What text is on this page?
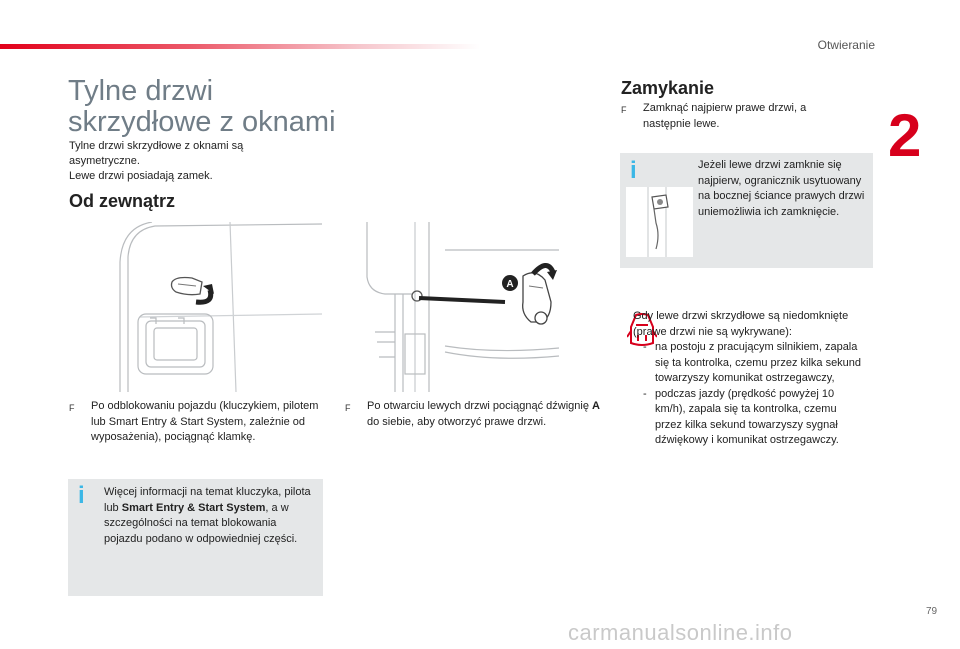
Otwieranie
2
Tylne drzwi
skrzydłowe z oknami
Tylne drzwi skrzydłowe z oknami są asymetryczne.
Lewe drzwi posiadają zamek.
Od zewnątrz
A
F Po odblokowaniu pojazdu (kluczykiem, pilotem lub Smart Entry & Start System, zależnie od wyposażenia), pociągnąć klamkę.
F Po otwarciu lewych drzwi pociągnąć dźwignię A do siebie, aby otworzyć prawe drzwi.
i Więcej informacji na temat kluczyka, pilota lub Smart Entry & Start System, a w szczególności na temat blokowania pojazdu podano w odpowiedniej części.
Zamykanie
F Zamknąć najpierw prawe drzwi, a następnie lewe.
i	Jeżeli lewe drzwi zamknie się najpierw, ogranicznik usytuowany na bocznej ściance prawych drzwi uniemożliwia ich zamknięcie.
Gdy lewe drzwi skrzydłowe są niedomknięte (prawe drzwi nie są wykrywane):
- na postoju z pracującym silnikiem, zapala się ta kontrolka, czemu przez kilka sekund towarzyszy komunikat ostrzegawczy,
- podczas jazdy (prędkość powyżej 10 km/h), zapala się ta kontrolka, czemu przez kilka sekund towarzyszy sygnał dźwiękowy i komunikat ostrzegawczy.
79
carmanualsonline.info
